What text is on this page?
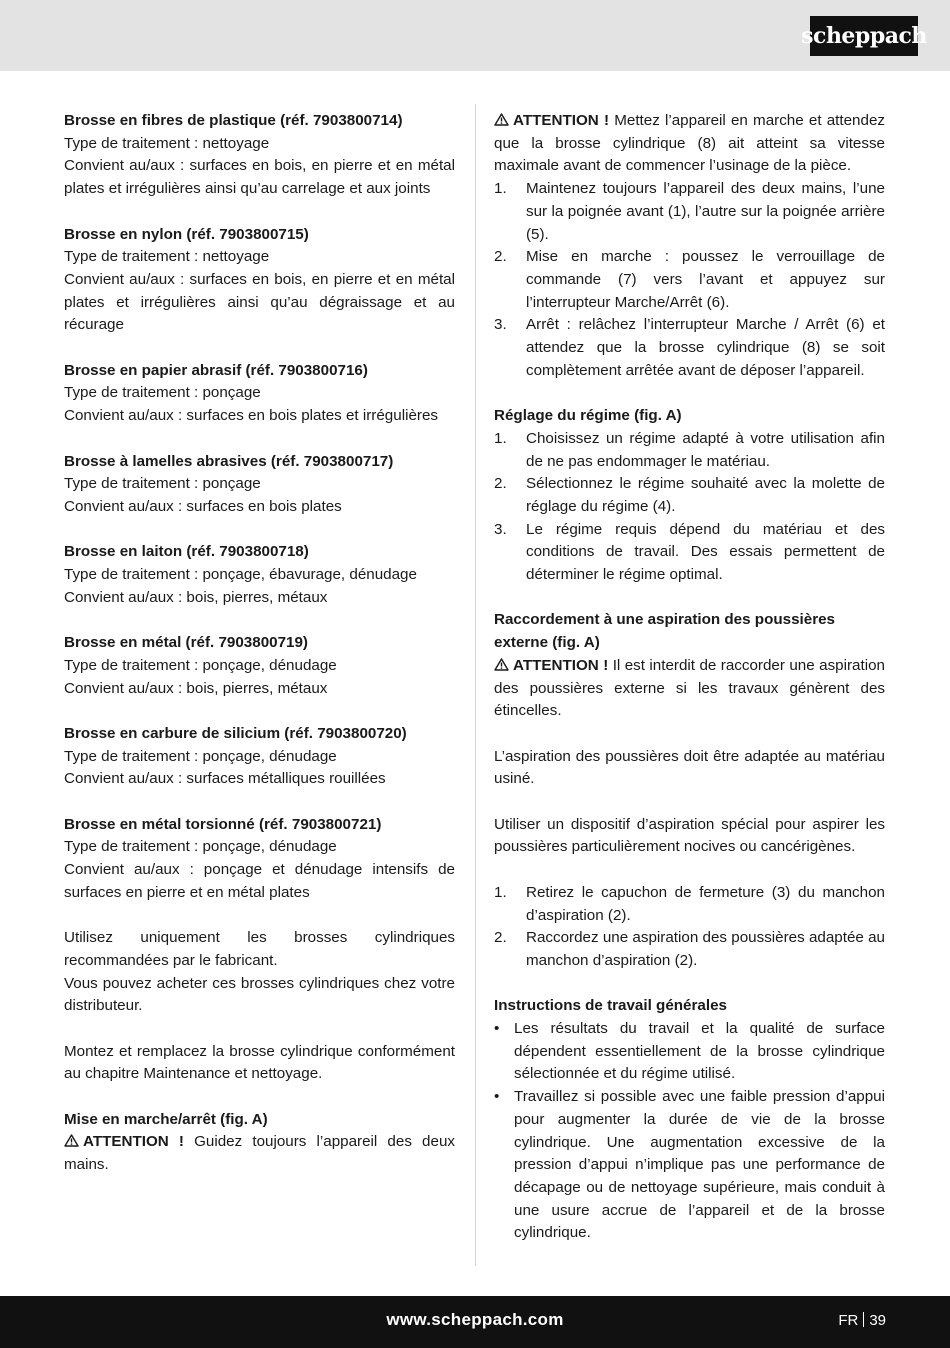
scheppach
Brosse en fibres de plastique (réf. 7903800714)
Type de traitement : nettoyage
Convient au/aux : surfaces en bois, en pierre et en métal plates et irrégulières ainsi qu’au carrelage et aux joints
Brosse en nylon (réf. 7903800715)
Type de traitement : nettoyage
Convient au/aux : surfaces en bois, en pierre et en métal plates et irrégulières ainsi qu’au dégraissage et au récurage
Brosse en papier abrasif (réf. 7903800716)
Type de traitement : ponçage
Convient au/aux : surfaces en bois plates et irrégulières
Brosse à lamelles abrasives (réf. 7903800717)
Type de traitement : ponçage
Convient au/aux : surfaces en bois plates
Brosse en laiton (réf. 7903800718)
Type de traitement : ponçage, ébavurage, dénudage
Convient au/aux : bois, pierres, métaux
Brosse en métal (réf. 7903800719)
Type de traitement : ponçage, dénudage
Convient au/aux : bois, pierres, métaux
Brosse en carbure de silicium (réf. 7903800720)
Type de traitement : ponçage, dénudage
Convient au/aux : surfaces métalliques rouillées
Brosse en métal torsionné (réf. 7903800721)
Type de traitement : ponçage, dénudage
Convient au/aux : ponçage et dénudage intensifs de surfaces en pierre et en métal plates
Utilisez uniquement les brosses cylindriques recommandées par le fabricant.
Vous pouvez acheter ces brosses cylindriques chez votre distributeur.
Montez et remplacez la brosse cylindrique conformément au chapitre Maintenance et nettoyage.
Mise en marche/arrêt (fig. A)
ATTENTION ! Guidez toujours l’appareil des deux mains.
ATTENTION ! Mettez l’appareil en marche et attendez que la brosse cylindrique (8) ait atteint sa vitesse maximale avant de commencer l’usinage de la pièce.
1. Maintenez toujours l’appareil des deux mains, l’une sur la poignée avant (1), l’autre sur la poignée arrière (5).
2. Mise en marche : poussez le verrouillage de commande (7) vers l’avant et appuyez sur l’interrupteur Marche/Arrêt (6).
3. Arrêt : relâchez l’interrupteur Marche / Arrêt (6) et attendez que la brosse cylindrique (8) se soit complètement arrêtée avant de déposer l’appareil.
Réglage du régime (fig. A)
1. Choisissez un régime adapté à votre utilisation afin de ne pas endommager le matériau.
2. Sélectionnez le régime souhaité avec la molette de réglage du régime (4).
3. Le régime requis dépend du matériau et des conditions de travail. Des essais permettent de déterminer le régime optimal.
Raccordement à une aspiration des poussières externe (fig. A)
ATTENTION ! Il est interdit de raccorder une aspiration des poussières externe si les travaux génèrent des étincelles.
L’aspiration des poussières doit être adaptée au matériau usiné.
Utiliser un dispositif d’aspiration spécial pour aspirer les poussières particulièrement nocives ou cancérigènes.
1. Retirez le capuchon de fermeture (3) du manchon d’aspiration (2).
2. Raccordez une aspiration des poussières adaptée au manchon d’aspiration (2).
Instructions de travail générales
• Les résultats du travail et la qualité de surface dépendent essentiellement de la brosse cylindrique sélectionnée et du régime utilisé.
• Travaillez si possible avec une faible pression d’appui pour augmenter la durée de vie de la brosse cylindrique. Une augmentation excessive de la pression d’appui n’implique pas une performance de décapage ou de nettoyage supérieure, mais conduit à une usure accrue de l’appareil et de la brosse cylindrique.
www.scheppach.com	FR 39
